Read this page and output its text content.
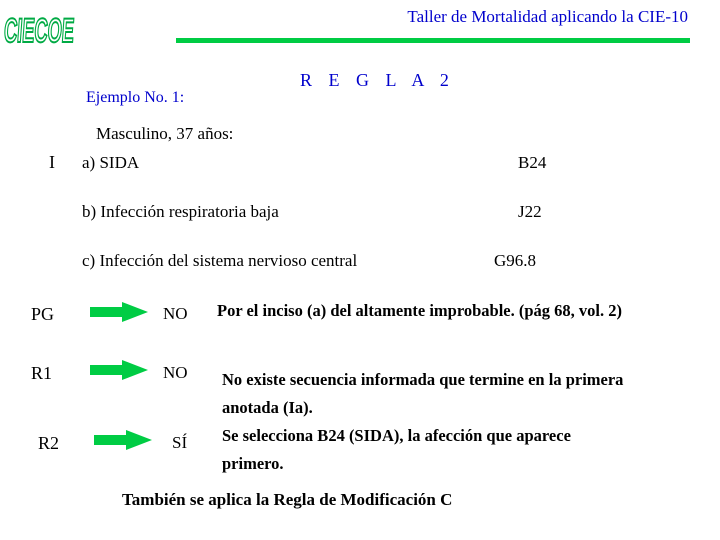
CIECOE	Taller de Mortalidad aplicando la CIE-10
R E G L A 2
Ejemplo No. 1:
Masculino, 37 años:
I a) SIDA	B24
b) Infección respiratoria baja	J22
c) Infección del sistema nervioso central	G96.8
PG	NO Por el inciso (a) del altamente improbable. (pág 68, vol. 2)
R1	NO
R2	SÍ
No existe secuencia informada que termine en la primera
anotada (Ia).
Se selecciona B24 (SIDA), la afección que aparece
primero.
También se aplica la Regla de Modificación C
